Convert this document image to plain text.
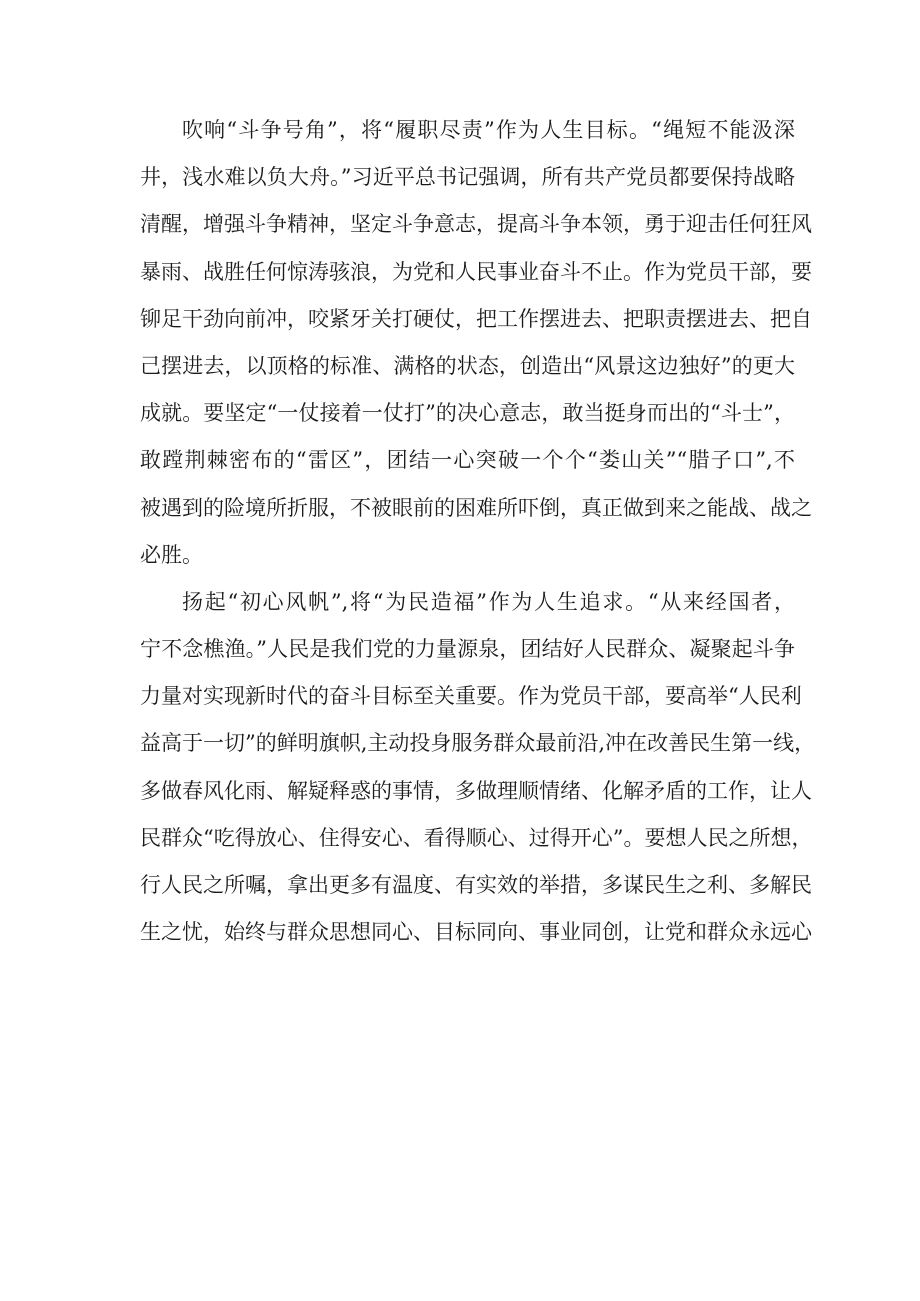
吹响“斗争号角”，将“履职尽责”作为人生目标。“绳短不能汲深
井，浅水难以负大舟。”习近平总书记强调，所有共产党员都要保持战略
清醒，增强斗争精神，坚定斗争意志，提高斗争本领，勇于迎击任何狂风
暴雨、战胜任何惊涛骇浪，为党和人民事业奋斗不止。作为党员干部，要
铆足干劲向前冲，咬紧牙关打硬仗，把工作摆进去、把职责摆进去、把自
己摆进去，以顶格的标准、满格的状态，创造出“风景这边独好”的更大
成就。要坚定“一仗接着一仗打”的决心意志，敢当挺身而出的“斗士”，
敢蹚荆棘密布的“雷区”，团结一心突破一个个“娄山关”“腊子口”,不
被遇到的险境所折服，不被眼前的困难所吓倒，真正做到来之能战、战之
必胜。
扬起“初心风帆”,将“为民造福”作为人生追求。“从来经国者，
宁不念樵渔。”人民是我们党的力量源泉，团结好人民群众、凝聚起斗争
力量对实现新时代的奋斗目标至关重要。作为党员干部，要高举“人民利
益高于一切”的鲜明旗帜,主动投身服务群众最前沿,冲在改善民生第一线，
多做春风化雨、解疑释惑的事情，多做理顺情绪、化解矛盾的工作，让人
民群众“吃得放心、住得安心、看得顺心、过得开心”。要想人民之所想，
行人民之所嘱，拿出更多有温度、有实效的举措，多谋民生之利、多解民
生之忧，始终与群众思想同心、目标同向、事业同创，让党和群众永远心
